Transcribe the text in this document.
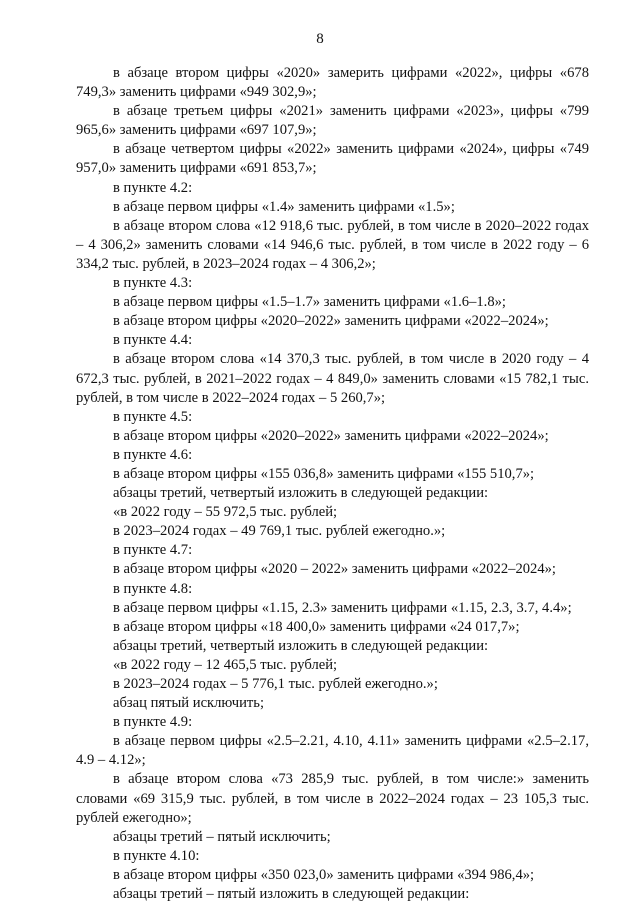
8

в абзаце втором цифры «2020» замерить цифрами «2022», цифры «678 749,3» заменить цифрами «949 302,9»;

в абзаце третьем цифры «2021» заменить цифрами «2023», цифры «799 965,6» заменить цифрами «697 107,9»;

в абзаце четвертом цифры «2022» заменить цифрами «2024», цифры «749 957,0» заменить цифрами «691 853,7»;

в пункте 4.2:

в абзаце первом цифры «1.4» заменить цифрами «1.5»;

в абзаце втором слова «12 918,6 тыс. рублей, в том числе в 2020–2022 годах – 4 306,2» заменить словами «14 946,6 тыс. рублей, в том числе в 2022 году – 6 334,2 тыс. рублей, в 2023–2024 годах – 4 306,2»;

в пункте 4.3:

в абзаце первом цифры «1.5–1.7» заменить цифрами «1.6–1.8»;

в абзаце втором цифры «2020–2022» заменить цифрами «2022–2024»;

в пункте 4.4:

в абзаце втором слова «14 370,3 тыс. рублей, в том числе в 2020 году – 4 672,3 тыс. рублей, в 2021–2022 годах – 4 849,0» заменить словами «15 782,1 тыс. рублей, в том числе в 2022–2024 годах – 5 260,7»;

в пункте 4.5:

в абзаце втором цифры «2020–2022» заменить цифрами «2022–2024»;

в пункте 4.6:

в абзаце втором цифры «155 036,8» заменить цифрами «155 510,7»;

абзацы третий, четвертый изложить в следующей редакции:

«в 2022 году – 55 972,5 тыс. рублей;

в 2023–2024 годах – 49 769,1 тыс. рублей ежегодно.»;

в пункте 4.7:

в абзаце втором цифры «2020 – 2022» заменить цифрами «2022–2024»;

в пункте 4.8:

в абзаце первом цифры «1.15, 2.3» заменить цифрами «1.15, 2.3, 3.7, 4.4»;

в абзаце втором цифры «18 400,0» заменить цифрами «24 017,7»;

абзацы третий, четвертый изложить в следующей редакции:

«в 2022 году – 12 465,5 тыс. рублей;

в 2023–2024 годах – 5 776,1 тыс. рублей ежегодно.»;

абзац пятый исключить;

в пункте 4.9:

в абзаце первом цифры «2.5–2.21, 4.10, 4.11» заменить цифрами «2.5–2.17, 4.9 – 4.12»;

в абзаце втором слова «73 285,9 тыс. рублей, в том числе:» заменить словами «69 315,9 тыс. рублей, в том числе в 2022–2024 годах – 23 105,3 тыс. рублей ежегодно»;

абзацы третий – пятый исключить;

в пункте 4.10:

в абзаце втором цифры «350 023,0» заменить цифрами «394 986,4»;

абзацы третий – пятый изложить в следующей редакции:
